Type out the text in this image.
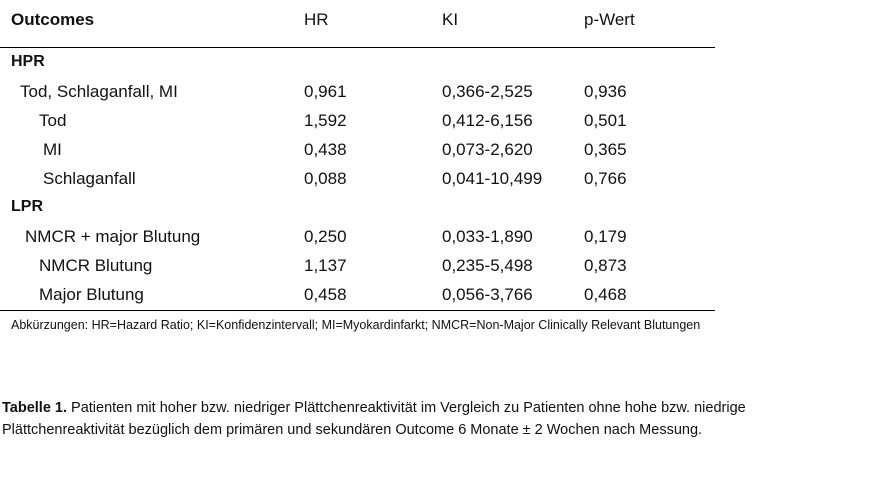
Outcomes	HR	KI	p-Wert
HPR
Tod, Schlaganfall, MI	0,961	0,366-2,525	0,936
Tod	1,592	0,412-6,156	0,501
MI	0,438	0,073-2,620	0,365
Schlaganfall	0,088	0,041-10,499 0,766
LPR
NMCR + major Blutung	0,250	0,033-1,890	0,179
NMCR Blutung	1,137	0,235-5,498	0,873
Major Blutung	0,458	0,056-3,766	0,468
Abkürzungen: HR=Hazard Ratio; KI=Konfidenzintervall; MI=Myokardinfarkt; NMCR=Non-Major Clinically Relevant Blutungen
Tabelle 1. Patienten mit hoher bzw. niedriger Plättchenreaktivität im Vergleich zu Patienten ohne hohe bzw. niedrige Plättchenreaktivität bezüglich dem primären und sekundären Outcome 6 Monate ± 2 Wochen nach Messung.
